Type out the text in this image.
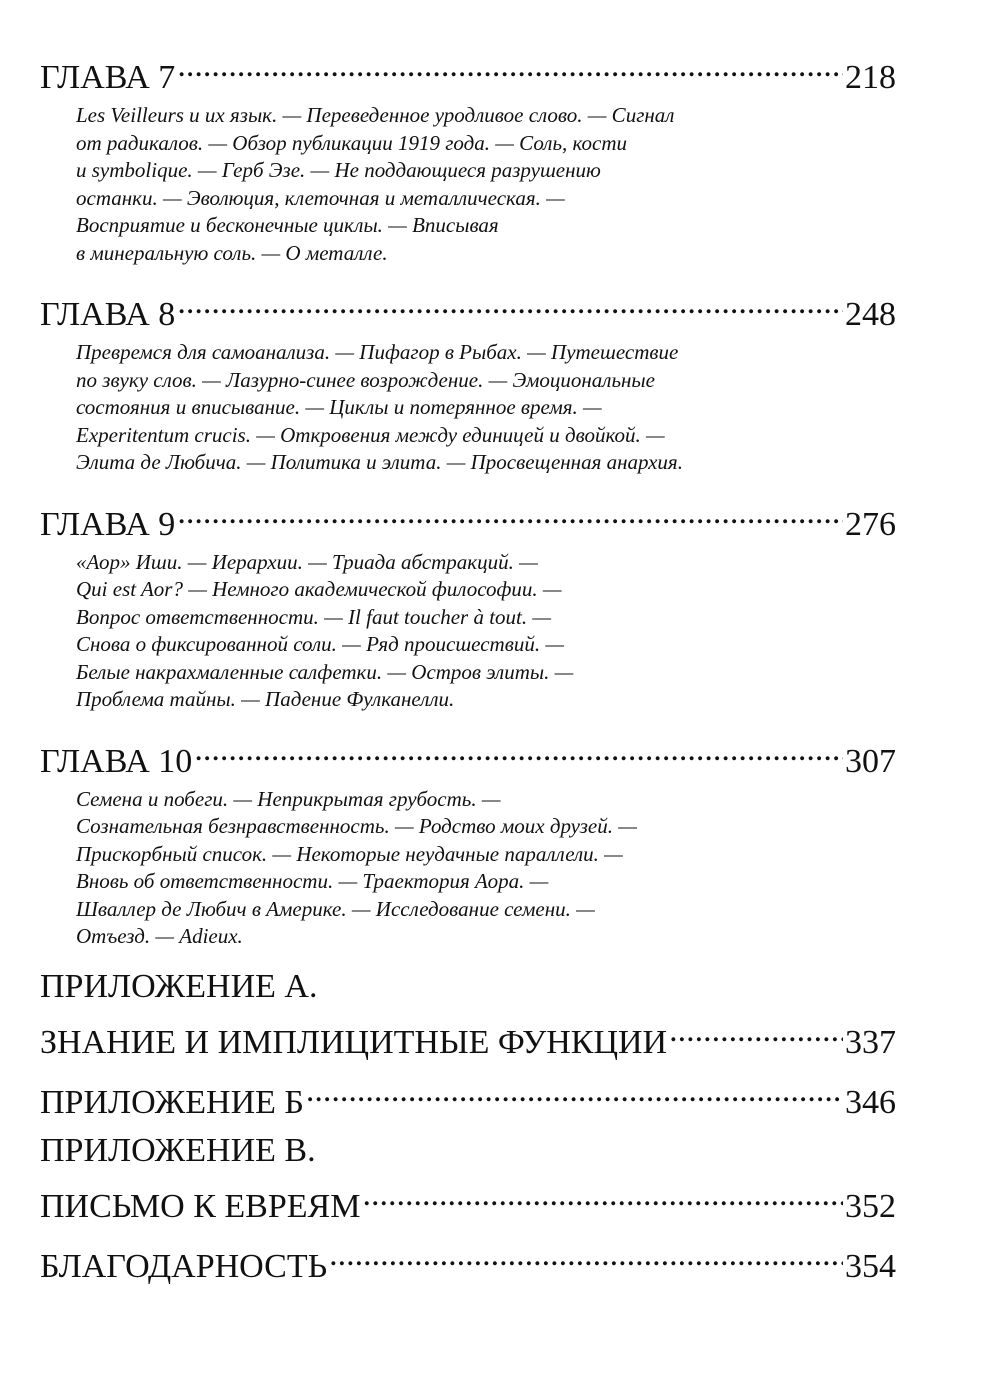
ГЛАВА 7 .....	218
Les Veilleurs и их язык. — Переведенное уродливое слово. — Сигнал
от радикалов. — Обзор публикации 1919 года. — Соль, кости
и symbolique. — Герб Эзе. — Не поддающиеся разрушению
останки. — Эволюция, клеточная и металлическая. —
Восприятие и бесконечные циклы. — Вписывая
в минеральную соль. — О металле.
ГЛАВА 8 .....	248
Превремся для самоанализа. — Пифагор в Рыбах. — Путешествие
по звуку слов. — Лазурно-синее возрождение. — Эмоциональные
состояния и вписывание. — Циклы и потерянное время. —
Experitentum crucis. — Откровения между единицей и двойкой. —
Элита де Любича. — Политика и элита. — Просвещенная анархия.
ГЛАВА 9 .....	276
«Аор» Иши. — Иерархии. — Триада абстракций. —
Qui est Aor? — Немного академической философии. —
Вопрос ответственности. — Il faut toucher à tout. —
Снова о фиксированной соли. — Ряд происшествий. —
Белые накрахмаленные салфетки. — Остров элиты. —
Проблема тайны. — Падение Фулканелли.
ГЛАВА 10 .....	307
Семена и побеги. — Неприкрытая грубость. —
Сознательная безнравственность. — Родство моих друзей. —
Прискорбный список. — Некоторые неудачные параллели. —
Вновь об ответственности. — Траектория Аора. —
Шваллер де Любич в Америке. — Исследование семени. —
Отъезд. — Adieux.
ПРИЛОЖЕНИЕ А.
ЗНАНИЕ И ИМПЛИЦИТНЫЕ ФУНКЦИИ .....	337
ПРИЛОЖЕНИЕ Б .....	346
ПРИЛОЖЕНИЕ В.
ПИСЬМО К ЕВРЕЯМ .....	352
БЛАГОДАРНОСТЬ .....	354
